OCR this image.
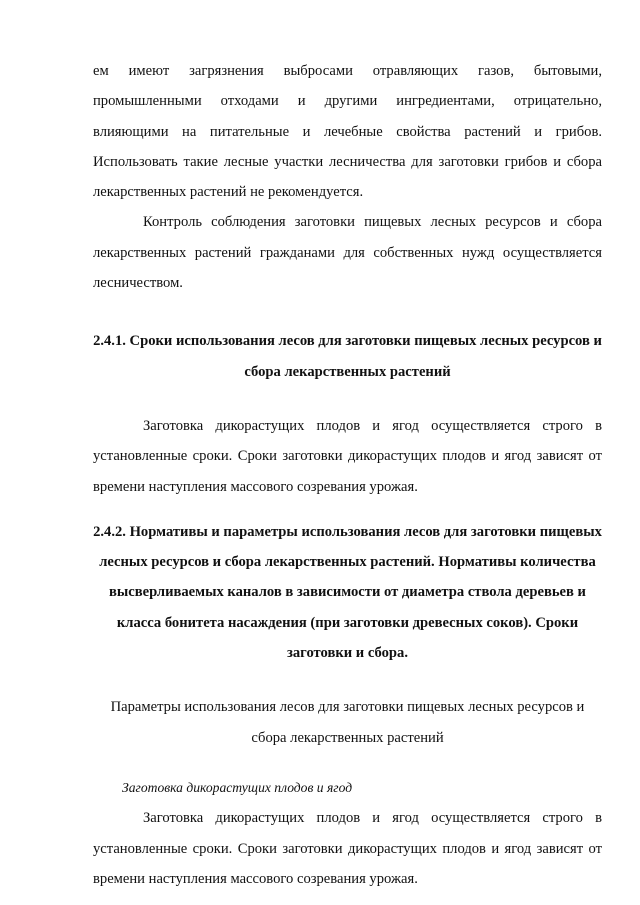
ем имеют загрязнения выбросами отравляющих газов, бытовыми, промышленными отходами и другими ингредиентами, отрицательно, влияющими на питательные и лечебные свойства растений и грибов. Использовать такие лесные участки лесничества для заготовки грибов и сбора лекарственных растений не рекомендуется.

Контроль соблюдения заготовки пищевых лесных ресурсов и сбора лекарственных растений гражданами для собственных нужд осуществляется лесничеством.

2.4.1. Сроки использования лесов для заготовки пищевых лесных ресурсов и сбора лекарственных растений

Заготовка дикорастущих плодов и ягод осуществляется строго в установленные сроки. Сроки заготовки дикорастущих плодов и ягод зависят от времени наступления массового созревания урожая.

2.4.2. Нормативы и параметры использования лесов для заготовки пищевых лесных ресурсов и сбора лекарственных растений. Нормативы количества высверливаемых каналов в зависимости от диаметра ствола деревьев и класса бонитета насаждения (при заготовки древесных соков). Сроки заготовки и сбора.

Параметры использования лесов для заготовки пищевых лесных ресурсов и сбора лекарственных растений

Заготовка дикорастущих плодов и ягод

Заготовка дикорастущих плодов и ягод осуществляется строго в установленные сроки. Сроки заготовки дикорастущих плодов и ягод зависят от времени наступления массового созревания урожая.
